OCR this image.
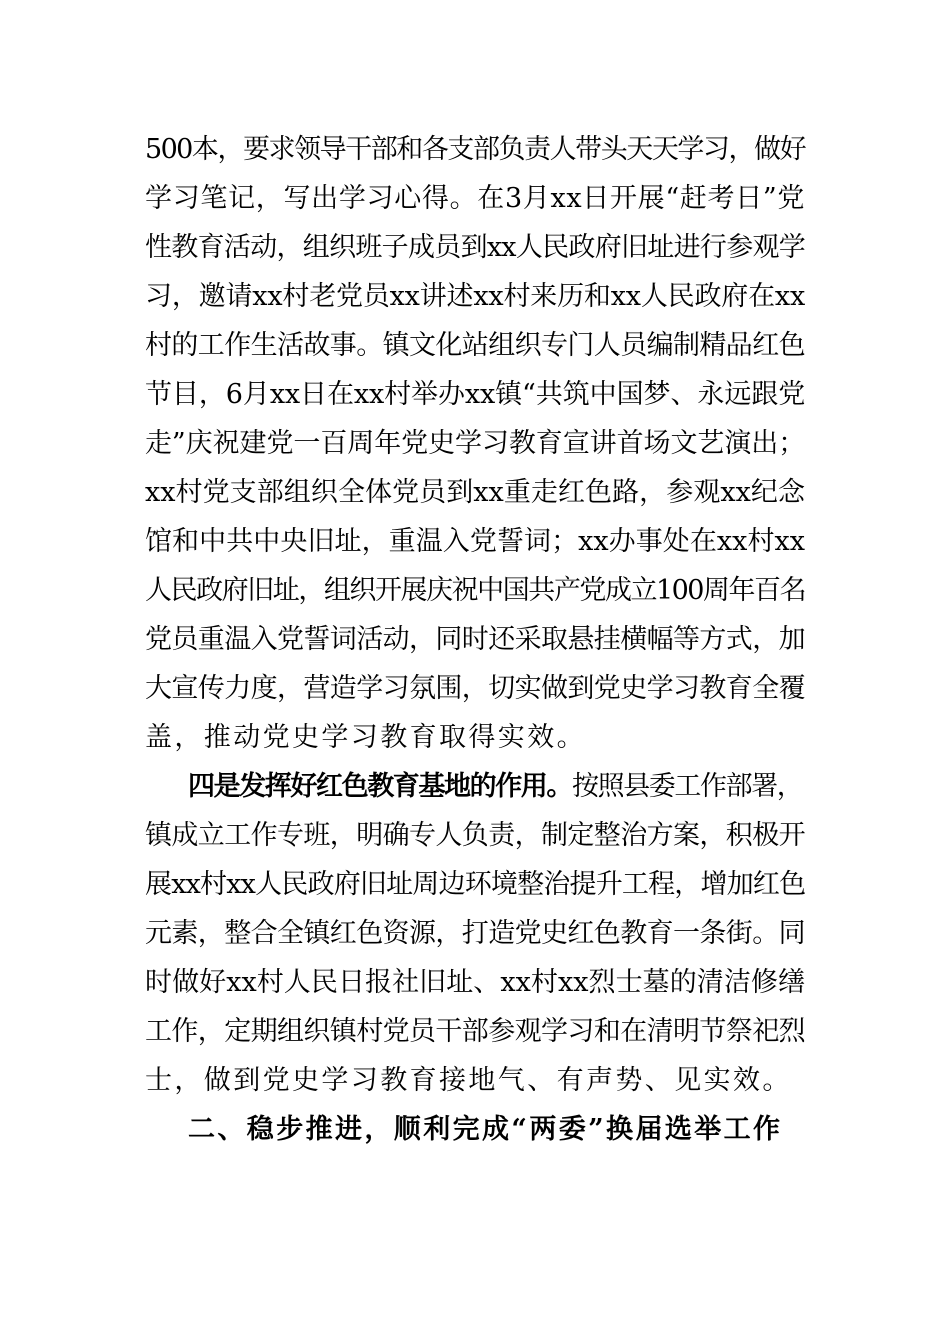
500本，要求领导干部和各支部负责人带头天天学习，做好
学习笔记，写出学习心得。在3月xx日开展“赶考日”党
性教育活动，组织班子成员到xx人民政府旧址进行参观学
习，邀请xx村老党员xx讲述xx村来历和xx人民政府在xx
村的工作生活故事。镇文化站组织专门人员编制精品红色
节目，6月xx日在xx村举办xx镇“共筑中国梦、永远跟党
走”庆祝建党一百周年党史学习教育宣讲首场文艺演出；
xx村党支部组织全体党员到xx重走红色路，参观xx纪念
馆和中共中央旧址，重温入党誓词；xx办事处在xx村xx
人民政府旧址，组织开展庆祝中国共产党成立100周年百名
党员重温入党誓词活动，同时还采取悬挂横幅等方式，加
大宣传力度，营造学习氛围，切实做到党史学习教育全覆
盖，推动党史学习教育取得实效。
四是发挥好红色教育基地的作用。按照县委工作部署，
镇成立工作专班，明确专人负责，制定整治方案，积极开
展xx村xx人民政府旧址周边环境整治提升工程，增加红色
元素，整合全镇红色资源，打造党史红色教育一条街。同
时做好xx村人民日报社旧址、xx村xx烈士墓的清洁修缮
工作，定期组织镇村党员干部参观学习和在清明节祭祀烈
士，做到党史学习教育接地气、有声势、见实效。
二、稳步推进，顺利完成“两委”换届选举工作
